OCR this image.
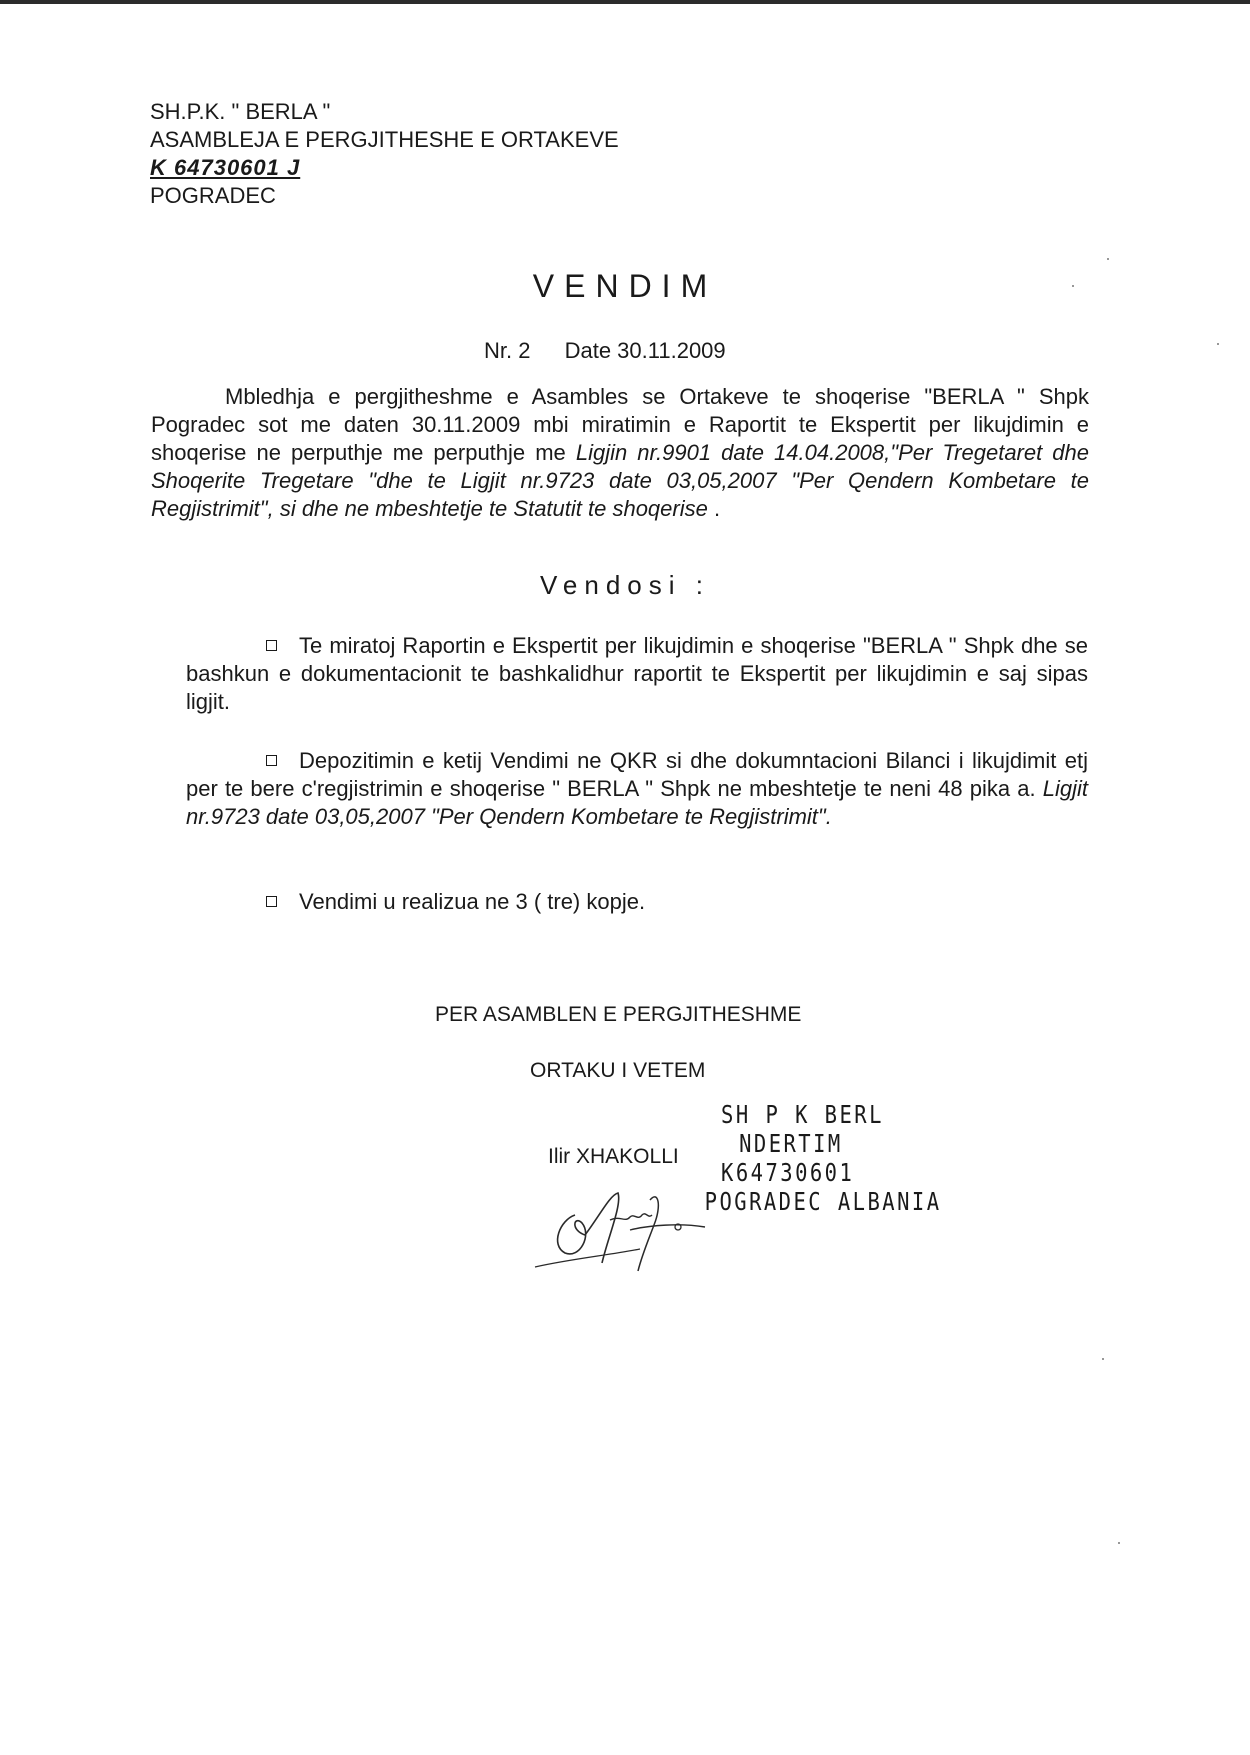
SH.P.K. " BERLA "
ASAMBLEJA E PERGJITHESHE E ORTAKEVE
K 64730601 J
POGRADEC
VENDIM
Nr. 2 Date 30.11.2009
Mbledhja e pergjitheshme e Asambles se Ortakeve te shoqerise "BERLA " Shpk Pogradec sot me daten 30.11.2009 mbi miratimin e Raportit te Ekspertit per likujdimin e shoqerise ne perputhje me perputhje me Ligjin nr.9901 date 14.04.2008,"Per Tregetaret dhe Shoqerite Tregetare "dhe te Ligjit nr.9723 date 03,05,2007 "Per Qendern Kombetare te Regjistrimit", si dhe ne mbeshtetje te Statutit te shoqerise .
Vendosi :
Te miratoj Raportin e Ekspertit per likujdimin e shoqerise "BERLA " Shpk dhe se bashkun e dokumentacionit te bashkalidhur raportit te Ekspertit per likujdimin e saj sipas ligjit.
Depozitimin e ketij Vendimi ne QKR si dhe dokumntacioni Bilanci i likujdimit etj per te bere c'regjistrimin e shoqerise " BERLA " Shpk ne mbeshtetje te neni 48 pika a. Ligjit nr.9723 date 03,05,2007 "Per Qendern Kombetare te Regjistrimit".
Vendimi u realizua ne 3 ( tre) kopje.
PER ASAMBLEN E PERGJITHESHME
ORTAKU I VETEM
Ilir XHAKOLLI
SH P K BERL
NDERTIM
K64730601
POGRADEC ALBANIA
